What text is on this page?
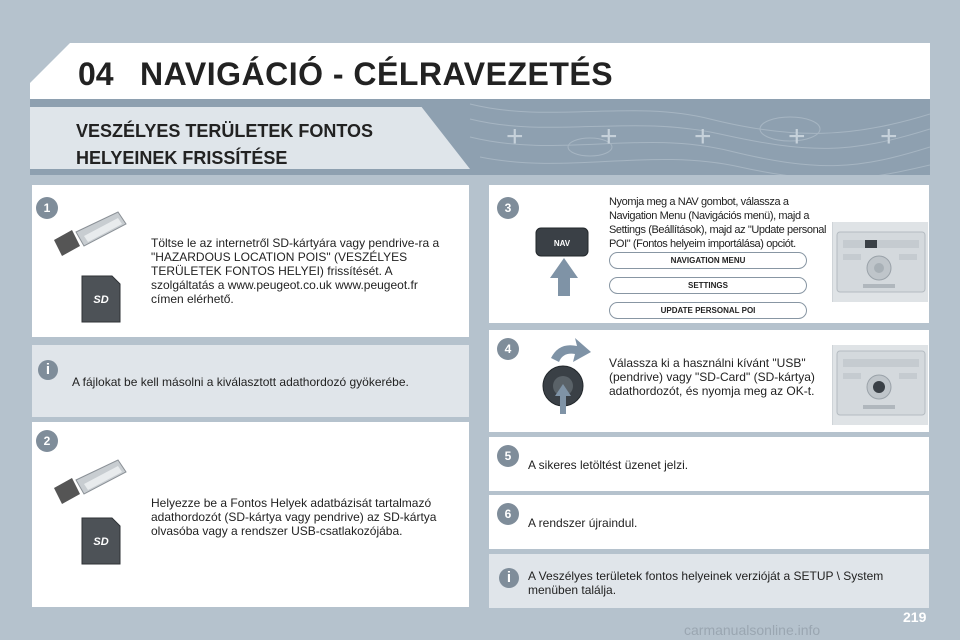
04 NAVIGÁCIÓ - CÉLRAVEZETÉS
+	+	+	+ +
VESZÉLYES TERÜLETEK FONTOS
HELYEINEK FRISSÍTÉSE
1
SD
Töltse le az internetről SD-kártyára vagy pendrive-ra a "HAZARDOUS LOCATION POIS" (VESZÉLYES TERÜLETEK FONTOS HELYEI) frissítését. A szolgáltatás a www.peugeot.co.uk www.peugeot.fr címen elérhető.
i
A fájlokat be kell másolni a kiválasztott adathordozó gyökerébe.
2
SD
Helyezze be a Fontos Helyek adatbázisát tartalmazó adathordozót (SD-kártya vagy pendrive) az SD-kártya olvasóba vagy a rendszer USB-csatlakozójába.
3
NAV
Nyomja meg a NAV gombot, válassza a Navigation Menu (Navigációs menü), majd a Settings (Beállítások), majd az "Update personal POI" (Fontos helyeim importálása) opciót.
NAVIGATION MENU
SETTINGS
UPDATE PERSONAL POI
4
Válassza ki a használni kívánt "USB" (pendrive) vagy "SD-Card" (SD-kártya) adathordozót, és nyomja meg az OK-t.
5
A sikeres letöltést üzenet jelzi.
6
A rendszer újraindul.
i	A Veszélyes területek fontos helyeinek verzióját a SETUP \ System menüben találja.
219
carmanualsonline.info
